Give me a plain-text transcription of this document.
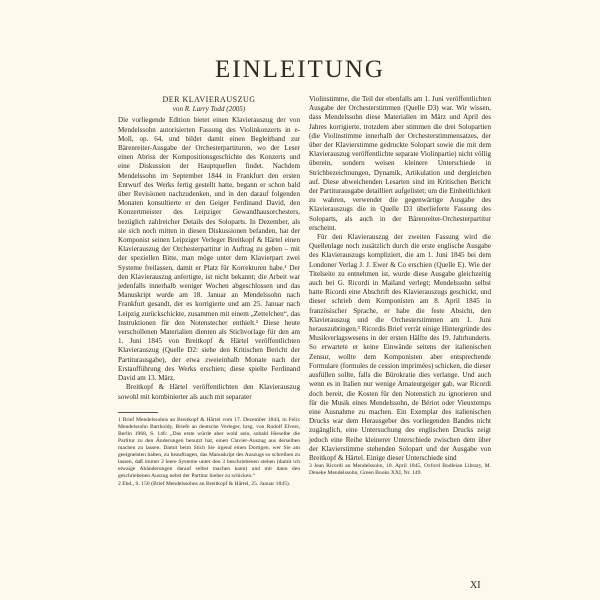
EINLEITUNG
DER KLAVIERAUSZUG
von R. Larry Todd (2005)

Die vorliegende Edition bietet einen Klavierauszug der von Mendelssohn autorisierten Fassung des Violinkonzerts in e-Moll, op. 64, und bildet damit einen Begleitband zur Bärenreiter-Ausgabe der Orchesterpartituren, wo der Leser einen Abriss der Kompositionsgeschichte des Konzerts und eine Diskussion der Hauptquellen findet. Nachdem Mendelssohn im September 1844 in Frankfurt den ersten Entwurf des Werks fertig gestellt hatte, begann er schon bald über Revisionen nachzudenken, und in den darauf folgenden Monaten konsultierte er den Geiger Ferdinand David, den Konzertmeister des Leipziger Gewandhausorchesters, bezüglich zahlreicher Details des Soloparts. In Dezember, als sie sich noch mitten in diesen Diskussionen befanden, hat der Komponist seinen Leipziger Verleger Breitkopf & Härtel einen Klavierauszug der Orchesterpartitur in Auftrag zu geben – mit der speziellen Bitte, man möge unter dem Klavierpart zwei Systeme freilassen, damit er Platz für Korrekturen habe.¹ Der den Klavierauszug anfertigte, ist nicht bekannt; die Arbeit war jedenfalls innerhalb weniger Wochen abgeschlossen und das Manuskript wurde am 18. Januar an Mendelssohn nach Frankfurt gesandt, der es korrigierte und am 25. Januar nach Leipzig zurückschickte, zusammen mit einem „Zettelchen“, das Instruktionen für den Notenstecher enthielt.² Diese heute verschollenen Materialien dienten als Stichvorlage für den am 1. Juni 1845 von Breitkopf & Härtel veröffentlichten Klavierauszug (Quelle D2: siehe den Kritischen Bericht der Partiturausgabe), der etwa zweieinhalb Monate nach der Erstaufführung des Werks erschien; diese spielte Ferdinand David am 13. März.

Breitkopf & Härtel veröffentlichten den Klavierauszug sowohl mit kombinierter als auch mit separater

1 Brief Mendelssohns an Breitkopf & Härtel vom 17. Dezember 1844, in Felix Mendelssohn Bartholdy, Briefe an deutsche Verleger, hrsg. von Rudolf Elvers, Berlin 1968, S. 146: „Das erste würde aber wohl sein, sobald Hieselbe die Partitur zu den Änderungen benutzt hat, einen Clavier-Auszug aus derselben machen zu lassen. Damit beim Stich Sie irgend einen Dortigen, wer Sie am geeignetsten halten, zu beauftragen, das Manuskript des Auszugs so schreiben zu lassen, daß immer 2 leere Systeme unter den 3 beschriebenen stehen (damit ich etwaige Abänderungen darauf selbst machen kann) und mir dann den geschriebenen Auszug nebst der Partitur hieher zu schicken.“

2 Ebd., S. 150 (Brief Mendelssohns an Breitkopf & Härtel, 25. Januar 1845).

Violinstimme, die Teil der ebenfalls am 1. Juni veröffentlichten Ausgabe der Orchesterstimmen (Quelle D3) war. Wir wissen, dass Mendelssohn diese Materialien im März und April des Jahres korrigierte, trotzdem aber stimmen die drei Solopartien (die Violinstimme innerhalb der Orchesterstimmensatzes, der über der Klavierstimme gedruckte Solopart sowie die mit dem Klavierauszug veröffentlichte separate Violinpartie) nicht völlig überein, sondern weisen kleinere Unterschiede in Strichbezeichnungen, Dynamik, Artikulation und dergleichen auf. Diese abweichenden Lesarten sind im Kritischen Bericht der Partiturausgabe detailliert aufgelistet; um die Einheitlichkeit zu wahren, verwendet die gegenwärtige Ausgabe des Klavierauszugs die in Quelle D3 überlieferte Fassung des Soloparts, als auch in der Bärenreiter-Orchesterpartitur erscheint.

Für den Klavierauszug der zweiten Fassung wird die Quellenlage noch zusätzlich durch die erste englische Ausgabe des Klavierauszugs kompliziert, die am 1. Juni 1845 bei dem Londoner Verlag J. J. Ewer & Co erschien (Quelle E). Wie der Titelseite zu entnehmen ist, wurde diese Ausgabe gleichzeitig auch bei G. Ricordi in Mailand verlegt; Mendelssohn selbst hatte Ricordi eine Abschrift des Klavierauszugs geschickt, und dieser schrieb dem Komponisten am 8. April 1845 in französischer Sprache, er habe die feste Absicht, den Klavierauszug und die Orchesterstimmen am 1. Juni herauszubringen.³ Ricordis Brief verrät einige Hintergründe des Musikverlagswesens in der ersten Hälfte des 19. Jahrhunderts. So erwartete er keine Einwände seitens der italienischen Zensur, wollte dem Komponisten aber entsprechende Formulare (formules de cession imprimées) schicken, die dieser ausfüllen sollte, falls die Bürokratie dies verlange. Und auch wenn es in Italien nur wenige Amateurgeiger gab, war Ricordi doch bereit, die Kosten für den Notenstich zu ignorieren und für die Musik eines Mendelssohn, de Bériot oder Vieuxtemps eine Ausnahme zu machen. Ein Exemplar des italienischen Drucks war dem Herausgeber des vorliegenden Bandes nicht zugänglich, eine Untersuchung des englischen Drucks zeigt jedoch eine Reihe kleinerer Unterschiede zwischen dem über der Klavierstimme stehenden Solopart und der Ausgabe von Breitkopf & Härtel. Einige dieser Unterschiede sind

3 Jean Ricordi an Mendelssohn, 18. April 1845, Oxford Bodleian Library, M. Deneke Mendelssohn, Green Books XXI, Nr. 149.

XI
